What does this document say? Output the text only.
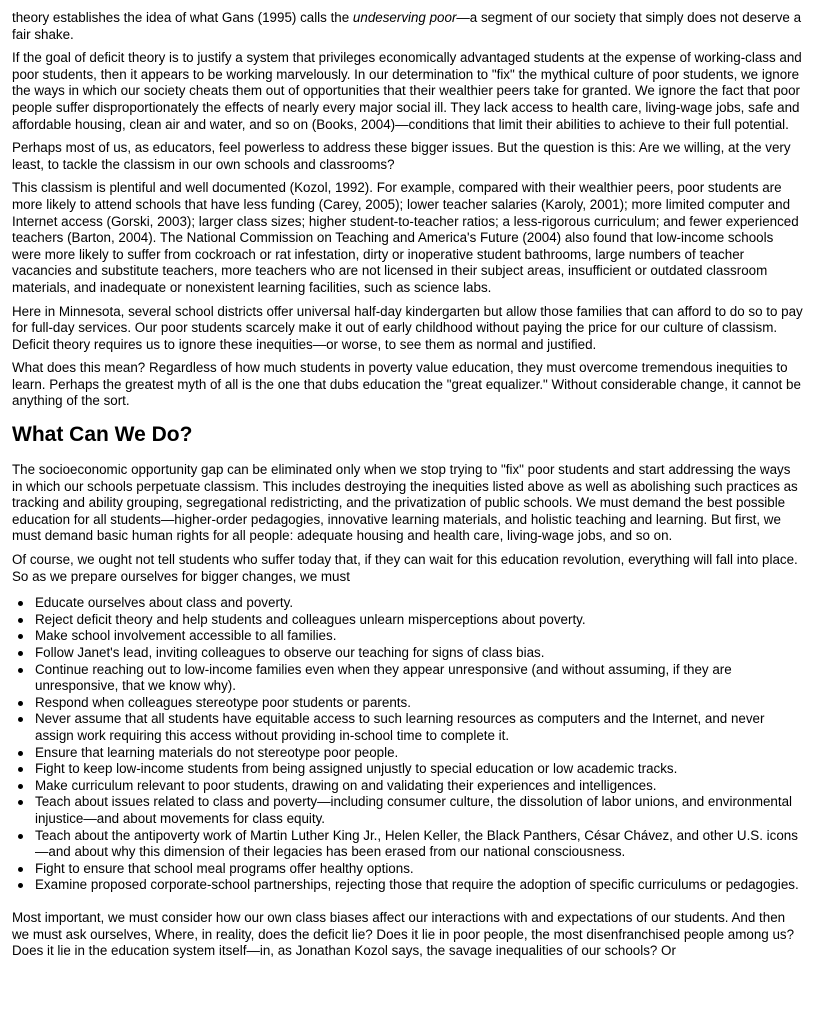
theory establishes the idea of what Gans (1995) calls the undeserving poor—a segment of our society that simply does not deserve a fair shake.

If the goal of deficit theory is to justify a system that privileges economically advantaged students at the expense of working-class and poor students, then it appears to be working marvelously. In our determination to "fix" the mythical culture of poor students, we ignore the ways in which our society cheats them out of opportunities that their wealthier peers take for granted. We ignore the fact that poor people suffer disproportionately the effects of nearly every major social ill. They lack access to health care, living-wage jobs, safe and affordable housing, clean air and water, and so on (Books, 2004)—conditions that limit their abilities to achieve to their full potential.

Perhaps most of us, as educators, feel powerless to address these bigger issues. But the question is this: Are we willing, at the very least, to tackle the classism in our own schools and classrooms?

This classism is plentiful and well documented (Kozol, 1992). For example, compared with their wealthier peers, poor students are more likely to attend schools that have less funding (Carey, 2005); lower teacher salaries (Karoly, 2001); more limited computer and Internet access (Gorski, 2003); larger class sizes; higher student-to-teacher ratios; a less-rigorous curriculum; and fewer experienced teachers (Barton, 2004). The National Commission on Teaching and America's Future (2004) also found that low-income schools were more likely to suffer from cockroach or rat infestation, dirty or inoperative student bathrooms, large numbers of teacher vacancies and substitute teachers, more teachers who are not licensed in their subject areas, insufficient or outdated classroom materials, and inadequate or nonexistent learning facilities, such as science labs.

Here in Minnesota, several school districts offer universal half-day kindergarten but allow those families that can afford to do so to pay for full-day services. Our poor students scarcely make it out of early childhood without paying the price for our culture of classism. Deficit theory requires us to ignore these inequities—or worse, to see them as normal and justified.

What does this mean? Regardless of how much students in poverty value education, they must overcome tremendous inequities to learn. Perhaps the greatest myth of all is the one that dubs education the "great equalizer." Without considerable change, it cannot be anything of the sort.

What Can We Do?

The socioeconomic opportunity gap can be eliminated only when we stop trying to "fix" poor students and start addressing the ways in which our schools perpetuate classism. This includes destroying the inequities listed above as well as abolishing such practices as tracking and ability grouping, segregational redistricting, and the privatization of public schools. We must demand the best possible education for all students—higher-order pedagogies, innovative learning materials, and holistic teaching and learning. But first, we must demand basic human rights for all people: adequate housing and health care, living-wage jobs, and so on.

Of course, we ought not tell students who suffer today that, if they can wait for this education revolution, everything will fall into place. So as we prepare ourselves for bigger changes, we must

Educate ourselves about class and poverty.
Reject deficit theory and help students and colleagues unlearn misperceptions about poverty.
Make school involvement accessible to all families.
Follow Janet's lead, inviting colleagues to observe our teaching for signs of class bias.
Continue reaching out to low-income families even when they appear unresponsive (and without assuming, if they are unresponsive, that we know why).
Respond when colleagues stereotype poor students or parents.
Never assume that all students have equitable access to such learning resources as computers and the Internet, and never assign work requiring this access without providing in-school time to complete it.
Ensure that learning materials do not stereotype poor people.
Fight to keep low-income students from being assigned unjustly to special education or low academic tracks.
Make curriculum relevant to poor students, drawing on and validating their experiences and intelligences.
Teach about issues related to class and poverty—including consumer culture, the dissolution of labor unions, and environmental injustice—and about movements for class equity.
Teach about the antipoverty work of Martin Luther King Jr., Helen Keller, the Black Panthers, César Chávez, and other U.S. icons—and about why this dimension of their legacies has been erased from our national consciousness.
Fight to ensure that school meal programs offer healthy options.
Examine proposed corporate-school partnerships, rejecting those that require the adoption of specific curriculums or pedagogies.

Most important, we must consider how our own class biases affect our interactions with and expectations of our students. And then we must ask ourselves, Where, in reality, does the deficit lie? Does it lie in poor people, the most disenfranchised people among us? Does it lie in the education system itself—in, as Jonathan Kozol says, the savage inequalities of our schools? Or
